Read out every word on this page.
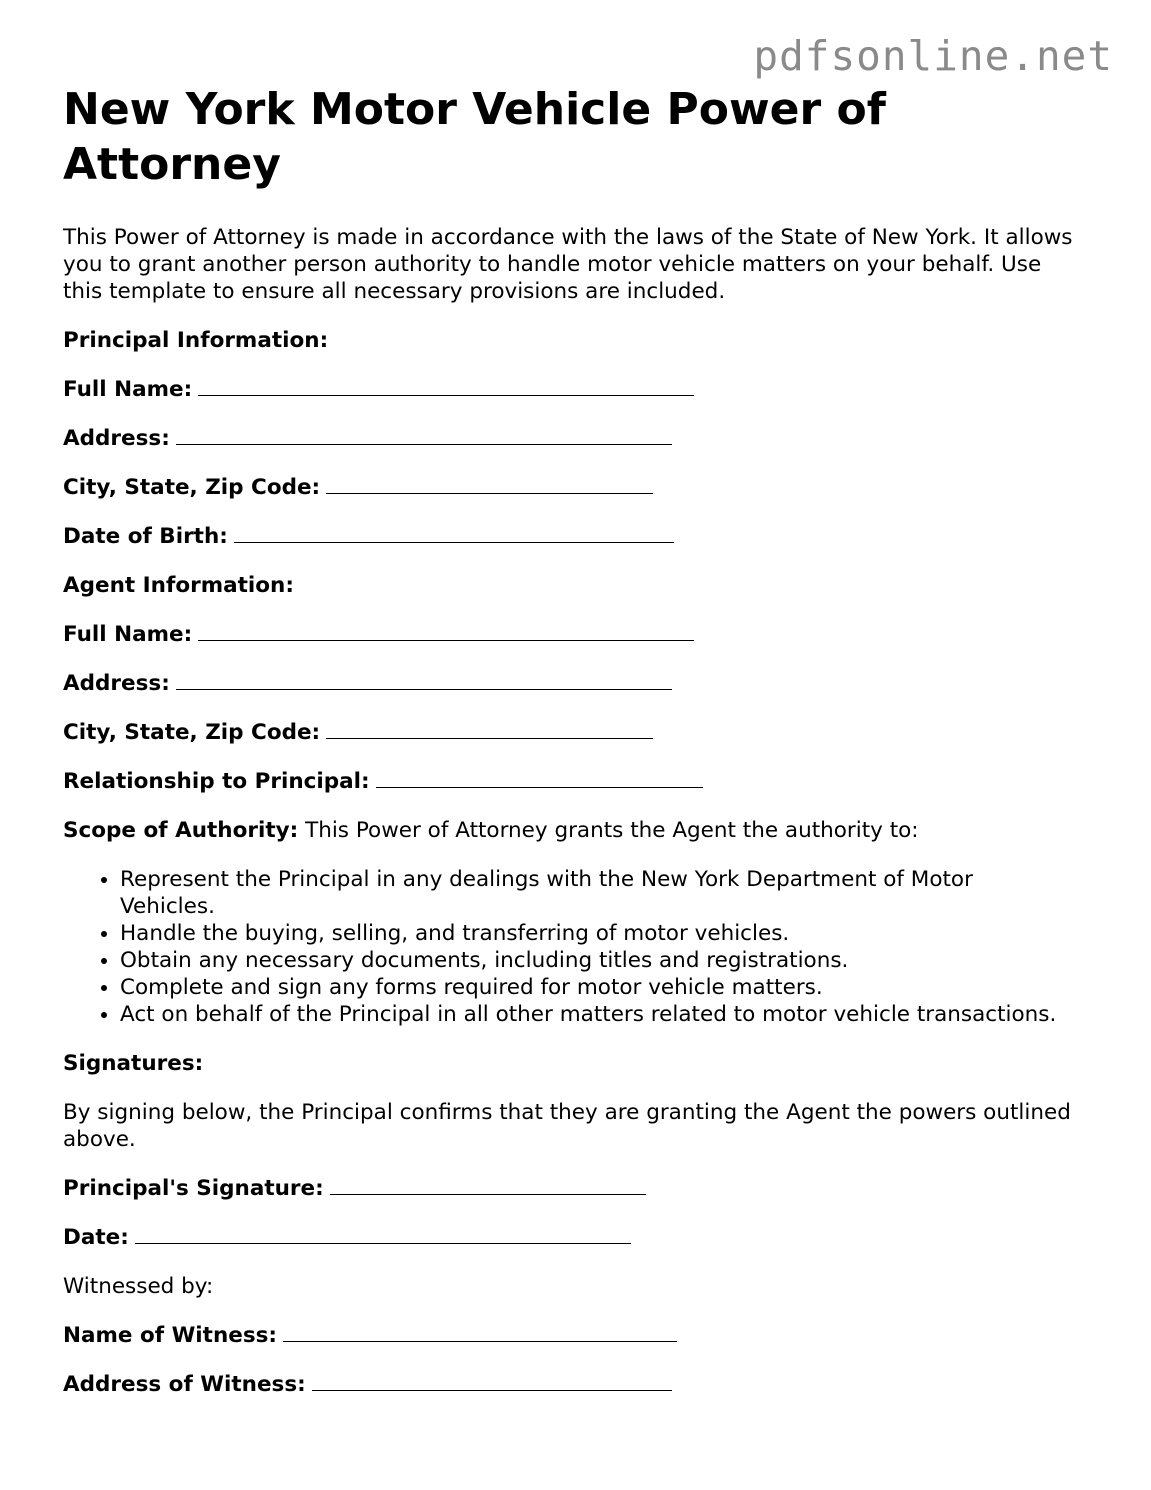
pdfsonline.net
New York Motor Vehicle Power of Attorney

This Power of Attorney is made in accordance with the laws of the State of New York. It allows you to grant another person authority to handle motor vehicle matters on your behalf. Use this template to ensure all necessary provisions are included.

Principal Information:

Full Name:
Address:
City, State, Zip Code:
Date of Birth:

Agent Information:

Full Name:
Address:
City, State, Zip Code:
Relationship to Principal:

Scope of Authority: This Power of Attorney grants the Agent the authority to:

• Represent the Principal in any dealings with the New York Department of Motor Vehicles.
• Handle the buying, selling, and transferring of motor vehicles.
• Obtain any necessary documents, including titles and registrations.
• Complete and sign any forms required for motor vehicle matters.
• Act on behalf of the Principal in all other matters related to motor vehicle transactions.

Signatures:

By signing below, the Principal confirms that they are granting the Agent the powers outlined above.

Principal's Signature:
Date:

Witnessed by:

Name of Witness:
Address of Witness:
